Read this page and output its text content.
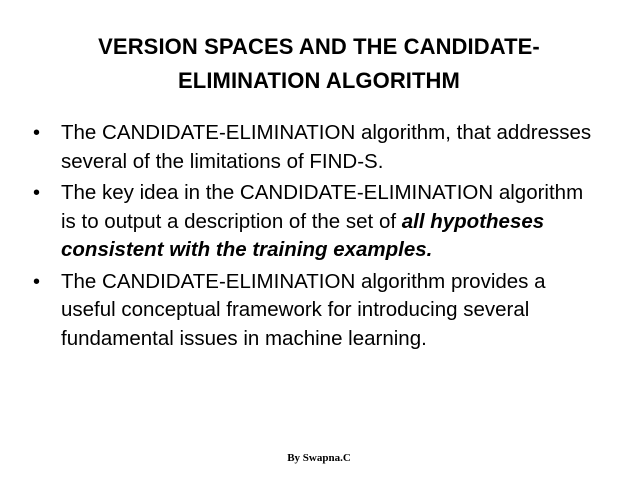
VERSION SPACES AND THE CANDIDATE-
ELIMINATION ALGORITHM
•	The CANDIDATE-ELIMINATION algorithm, that addresses several of the limitations of FIND-S.
•	The key idea in the CANDIDATE-ELIMINATION algorithm is to output a description of the set of all hypotheses consistent with the training examples.
•	The CANDIDATE-ELIMINATION algorithm provides a useful conceptual framework for introducing several fundamental issues in machine learning.
By Swapna.C
